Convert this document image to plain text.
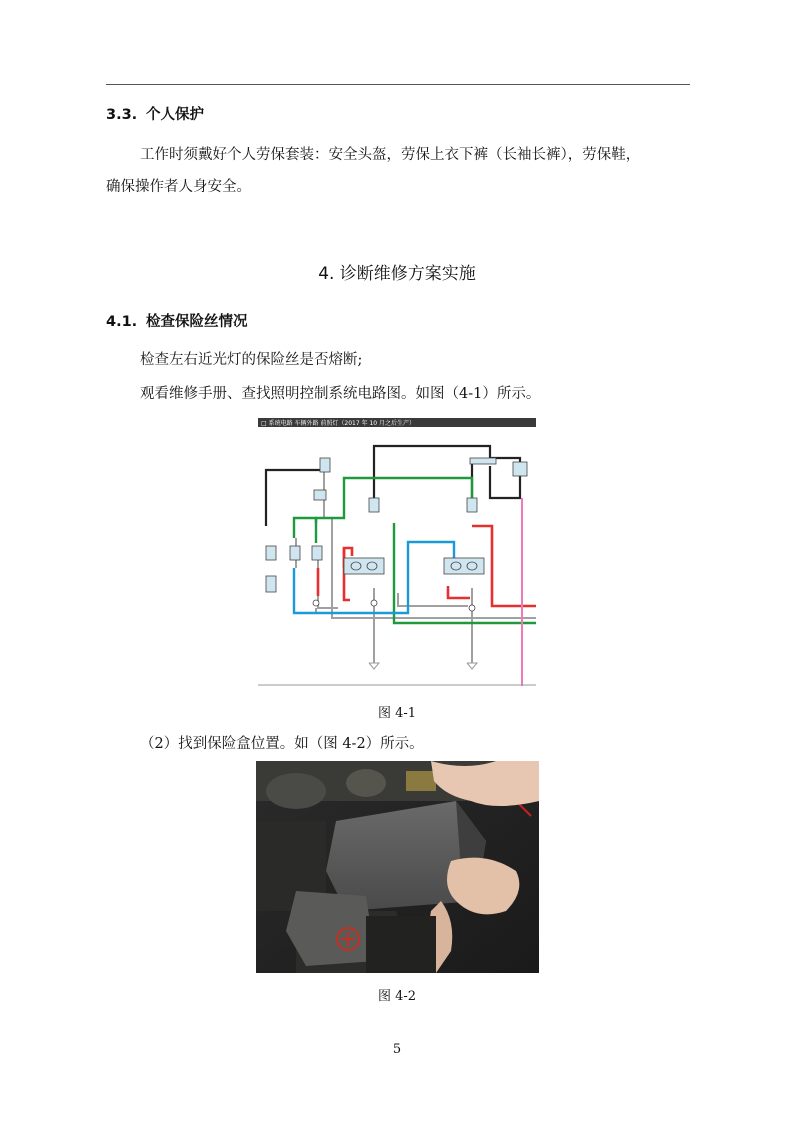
3.3. 个人保护
工作时须戴好个人劳保套装：安全头盔，劳保上衣下裤（长袖长裤），劳保鞋，
确保操作者人身安全。
4. 诊断维修方案实施
4.1. 检查保险丝情况
检查左右近光灯的保险丝是否熔断;
观看维修手册、查找照明控制系统电路图。如图（4-1）所示。
□ 系统电路 车辆外路 前照灯（2017 年 10 月之后生产）
图 4-1
（2）找到保险盒位置。如（图 4-2）所示。
图 4-2
5
